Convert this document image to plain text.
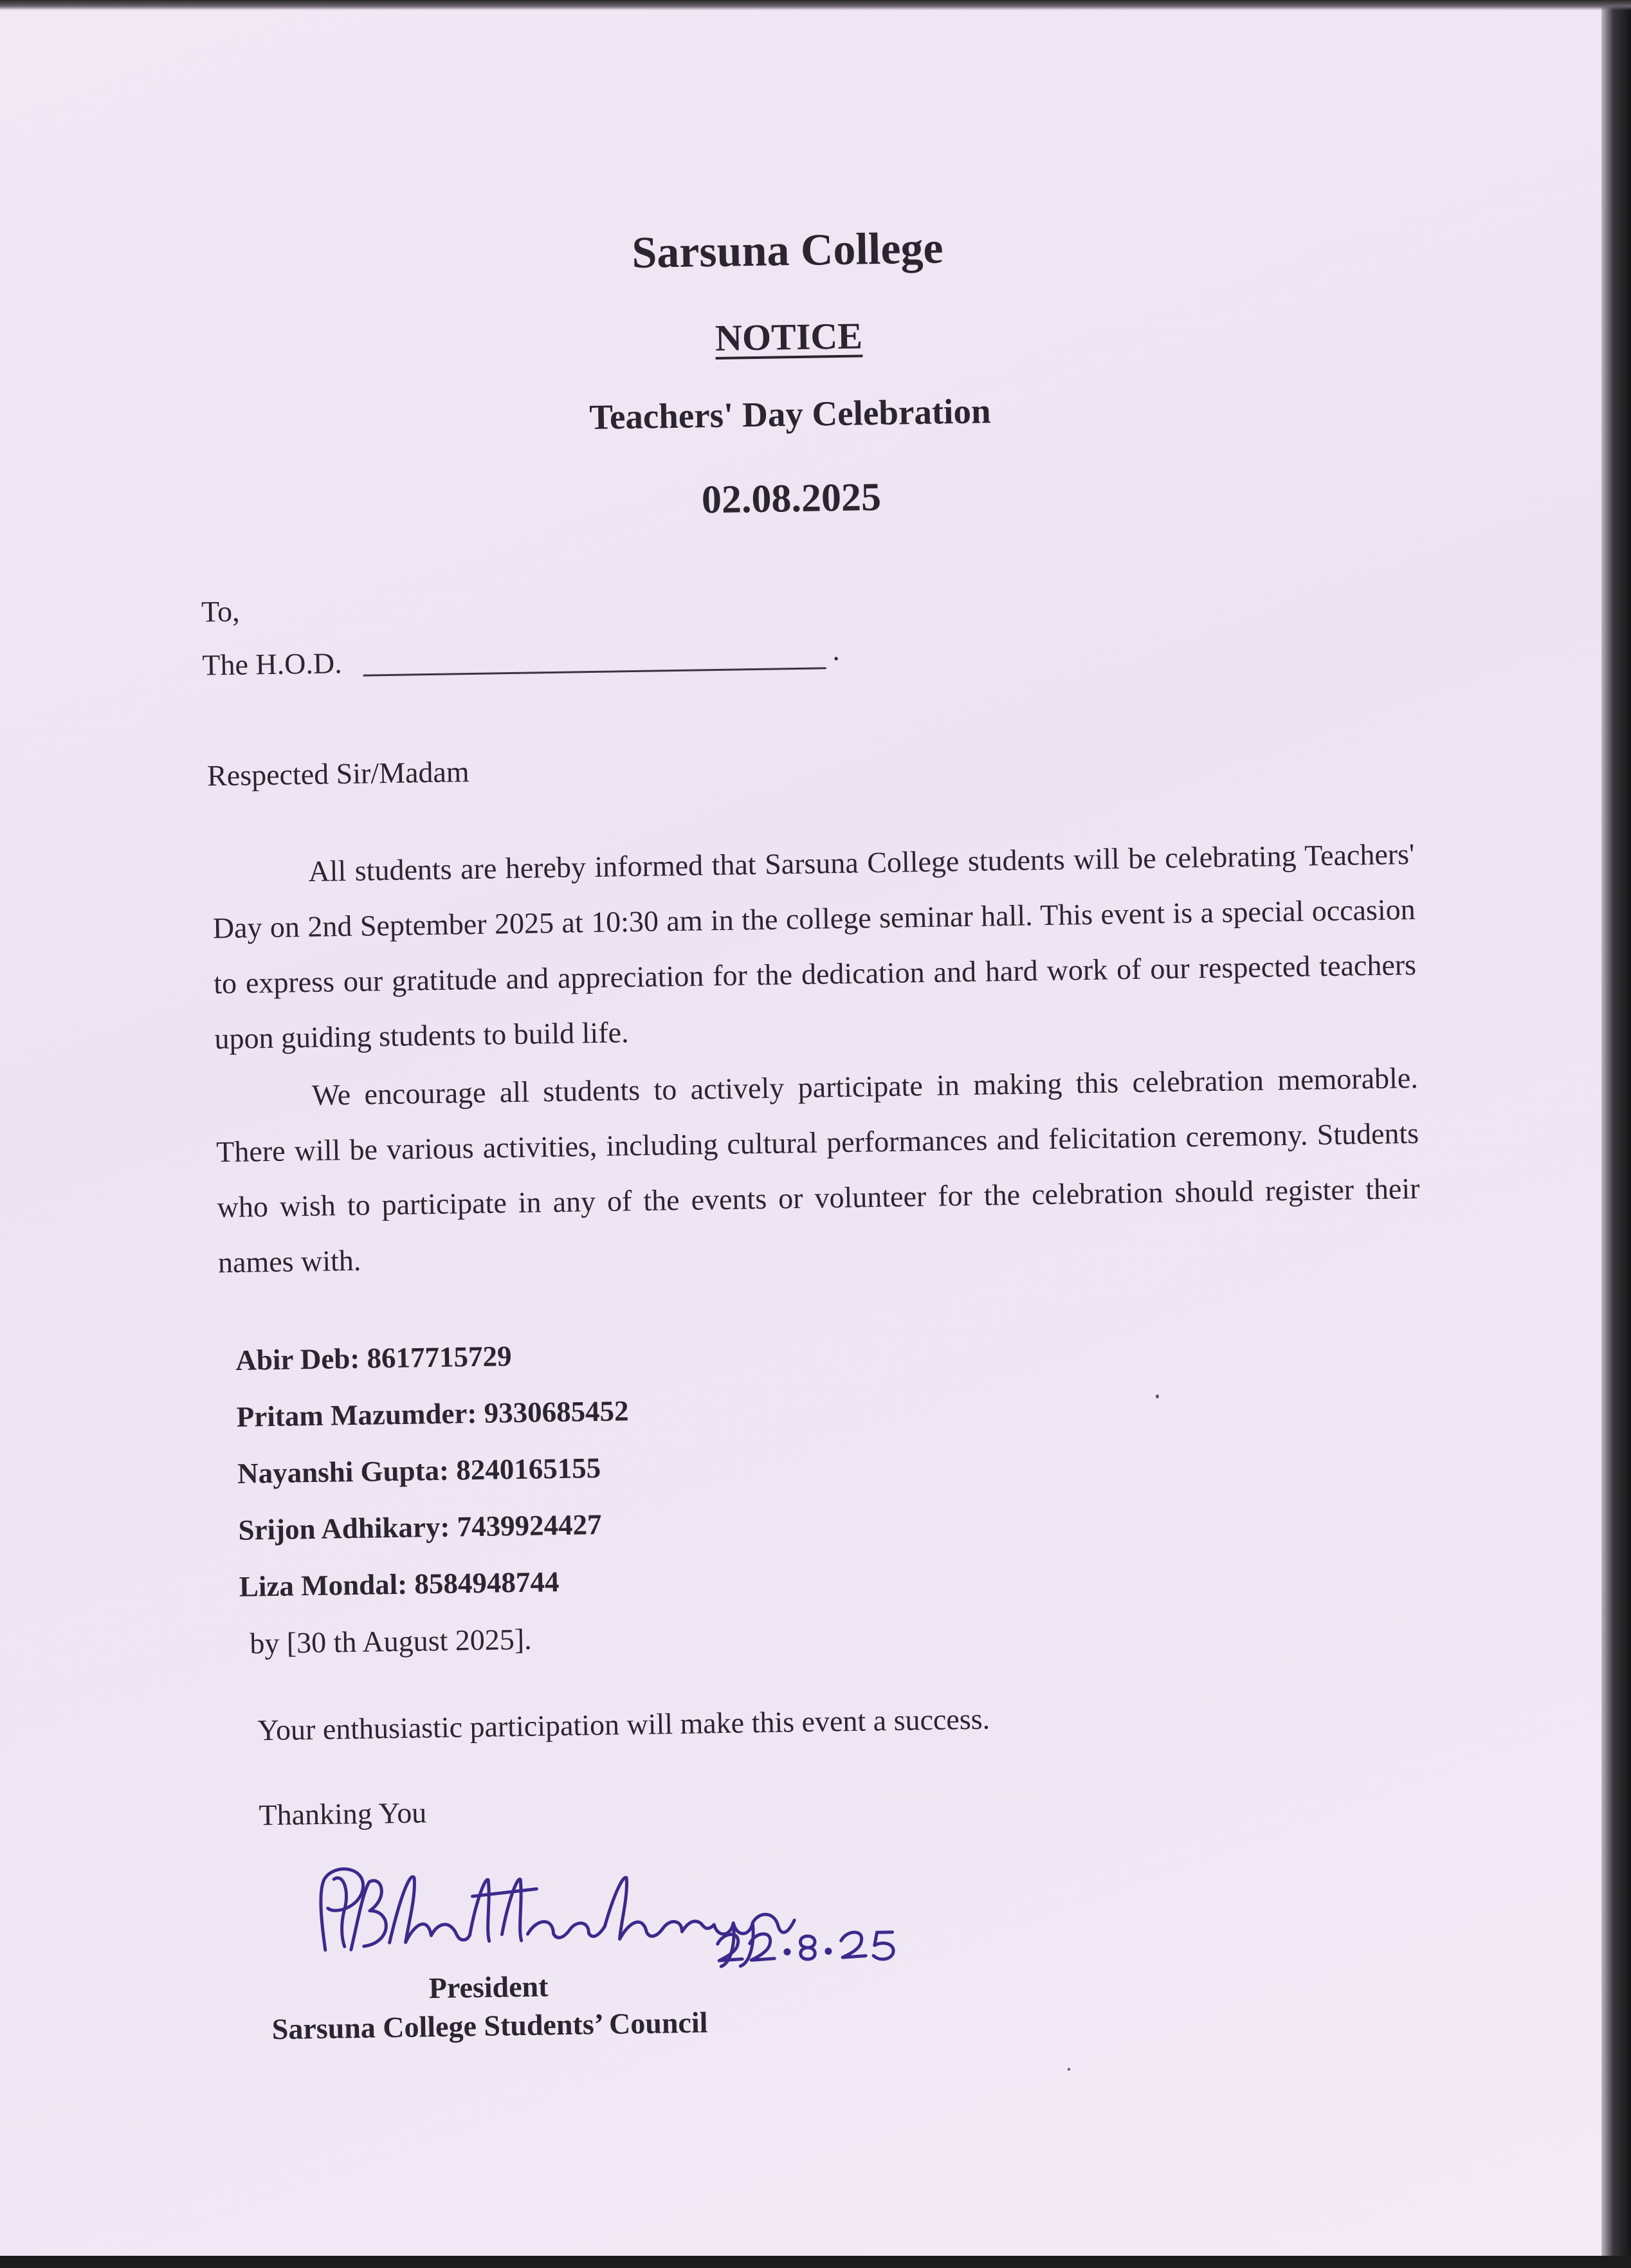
Sarsuna College

NOTICE

Teachers' Day Celebration

02.08.2025

To,

The H.O.D.	.

Respected Sir/Madam

All students are hereby informed that Sarsuna College students will be celebrating Teachers' Day on 2nd September 2025 at 10:30 am in the college seminar hall. This event is a special occasion to express our gratitude and appreciation for the dedication and hard work of our respected teachers upon guiding students to build life.

We encourage all students to actively participate in making this celebration memorable. There will be various activities, including cultural performances and felicitation ceremony. Students who wish to participate in any of the events or volunteer for the celebration should register their names with.

Abir Deb: 8617715729

Pritam Mazumder: 9330685452

Nayanshi Gupta: 8240165155

Srijon Adhikary: 7439924427

Liza Mondal: 8584948744

by [30 th August 2025].

Your enthusiastic participation will make this event a success.

Thanking You

President

Sarsuna College Students’ Council
